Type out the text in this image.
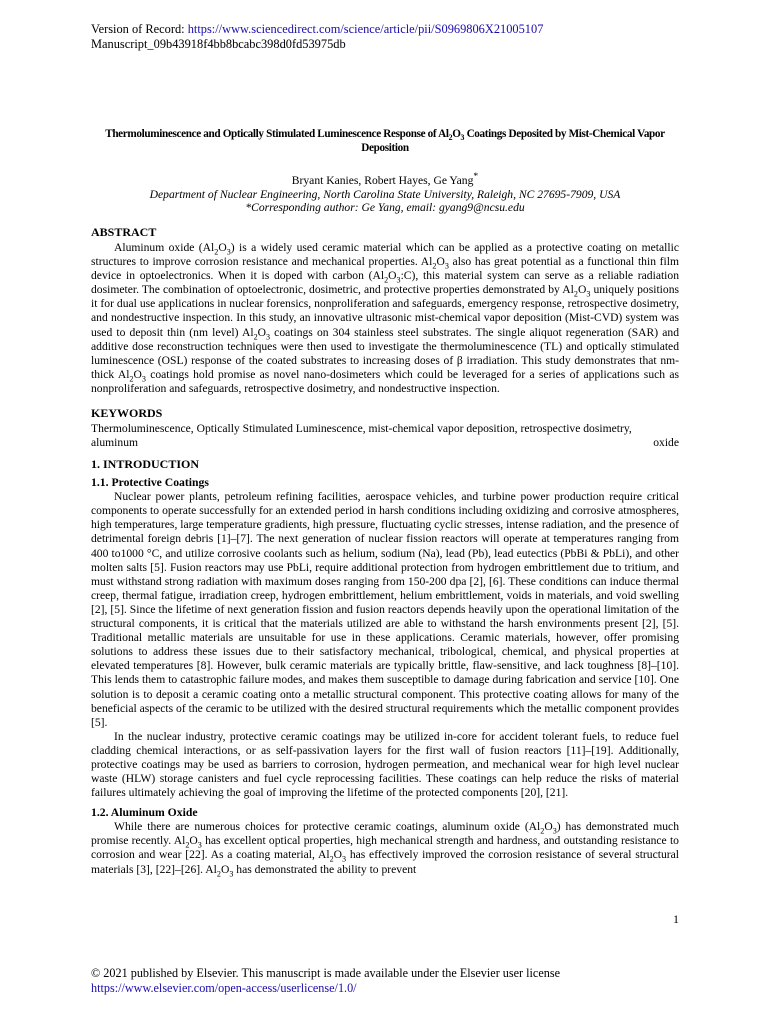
Version of Record: https://www.sciencedirect.com/science/article/pii/S0969806X21005107
Manuscript_09b43918f4bb8bcabc398d0fd53975db
Thermoluminescence and Optically Stimulated Luminescence Response of $Al_2O_3$ Coatings Deposited by Mist-Chemical Vapor Deposition
Bryant Kanies, Robert Hayes, Ge Yang*
Department of Nuclear Engineering, North Carolina State University, Raleigh, NC 27695-7909, USA
*Corresponding author: Ge Yang, email: gyang9@ncsu.edu
ABSTRACT

Aluminum oxide $(Al_2O_3)$ is a widely used ceramic material which can be applied as a protective coating on metallic structures to improve corrosion resistance and mechanical properties. $Al_2O_3$ also has great potential as a functional thin film device in optoelectronics. When it is doped with carbon $(Al_2O_3:C)$, this material system can serve as a reliable radiation dosimeter. The combination of optoelectronic, dosimetric, and protective properties demonstrated by $Al_2O_3$ uniquely positions it for dual use applications in nuclear forensics, nonproliferation and safeguards, emergency response, retrospective dosimetry, and nondestructive inspection. In this study, an innovative ultrasonic mist-chemical vapor deposition (Mist-CVD) system was used to deposit thin (nm level) $Al_2O_3$ coatings on 304 stainless steel substrates. The single aliquot regeneration (SAR) and additive dose reconstruction techniques were then used to investigate the thermoluminescence (TL) and optically stimulated luminescence (OSL) response of the coated substrates to increasing doses of β irradiation. This study demonstrates that nm-thick $Al_2O_3$ coatings hold promise as novel nano-dosimeters which could be leveraged for a series of applications such as nonproliferation and safeguards, retrospective dosimetry, and nondestructive inspection.

KEYWORDS

Thermoluminescence, Optically Stimulated Luminescence, mist-chemical vapor deposition, retrospective dosimetry,

aluminum	oxide

1. INTRODUCTION
1.1. Protective Coatings

Nuclear power plants, petroleum refining facilities, aerospace vehicles, and turbine power production require critical components to operate successfully for an extended period in harsh conditions including oxidizing and corrosive atmospheres, high temperatures, large temperature gradients, high pressure, fluctuating cyclic stresses, intense radiation, and the presence of detrimental foreign debris [1]–[7]. The next generation of nuclear fission reactors will operate at temperatures ranging from 400 to1000 °C, and utilize corrosive coolants such as helium, sodium (Na), lead (Pb), lead eutectics (PbBi & PbLi), and other molten salts [5]. Fusion reactors may use PbLi, require additional protection from hydrogen embrittlement due to tritium, and must withstand strong radiation with maximum doses ranging from 150-200 dpa [2], [6]. These conditions can induce thermal creep, thermal fatigue, irradiation creep, hydrogen embrittlement, helium embrittlement, voids in materials, and void swelling [2], [5]. Since the lifetime of next generation fission and fusion reactors depends heavily upon the operational limitation of the structural components, it is critical that the materials utilized are able to withstand the harsh environments present [2], [5]. Traditional metallic materials are unsuitable for use in these applications. Ceramic materials, however, offer promising solutions to address these issues due to their satisfactory mechanical, tribological, chemical, and physical properties at elevated temperatures [8]. However, bulk ceramic materials are typically brittle, flaw-sensitive, and lack toughness [8]–[10]. This lends them to catastrophic failure modes, and makes them susceptible to damage during fabrication and service [10]. One solution is to deposit a ceramic coating onto a metallic structural component. This protective coating allows for many of the beneficial aspects of the ceramic to be utilized with the desired structural requirements which the metallic component provides [5].

In the nuclear industry, protective ceramic coatings may be utilized in-core for accident tolerant fuels, to reduce fuel cladding chemical interactions, or as self-passivation layers for the first wall of fusion reactors [11]–[19]. Additionally, protective coatings may be used as barriers to corrosion, hydrogen permeation, and mechanical wear for high level nuclear waste (HLW) storage canisters and fuel cycle reprocessing facilities. These coatings can help reduce the risks of material failures ultimately achieving the goal of improving the lifetime of the protected components [20], [21].

1.2. Aluminum Oxide

While there are numerous choices for protective ceramic coatings, aluminum oxide $(Al_2O_3)$ has demonstrated much promise recently. $Al_2O_3$ has excellent optical properties, high mechanical strength and hardness, and outstanding resistance to corrosion and wear [22]. As a coating material, $Al_2O_3$ has effectively improved the corrosion resistance of several structural materials [3], [22]–[26]. $Al_2O_3$ has demonstrated the ability to prevent

1
© 2021 published by Elsevier. This manuscript is made available under the Elsevier user license
https://www.elsevier.com/open-access/userlicense/1.0/
